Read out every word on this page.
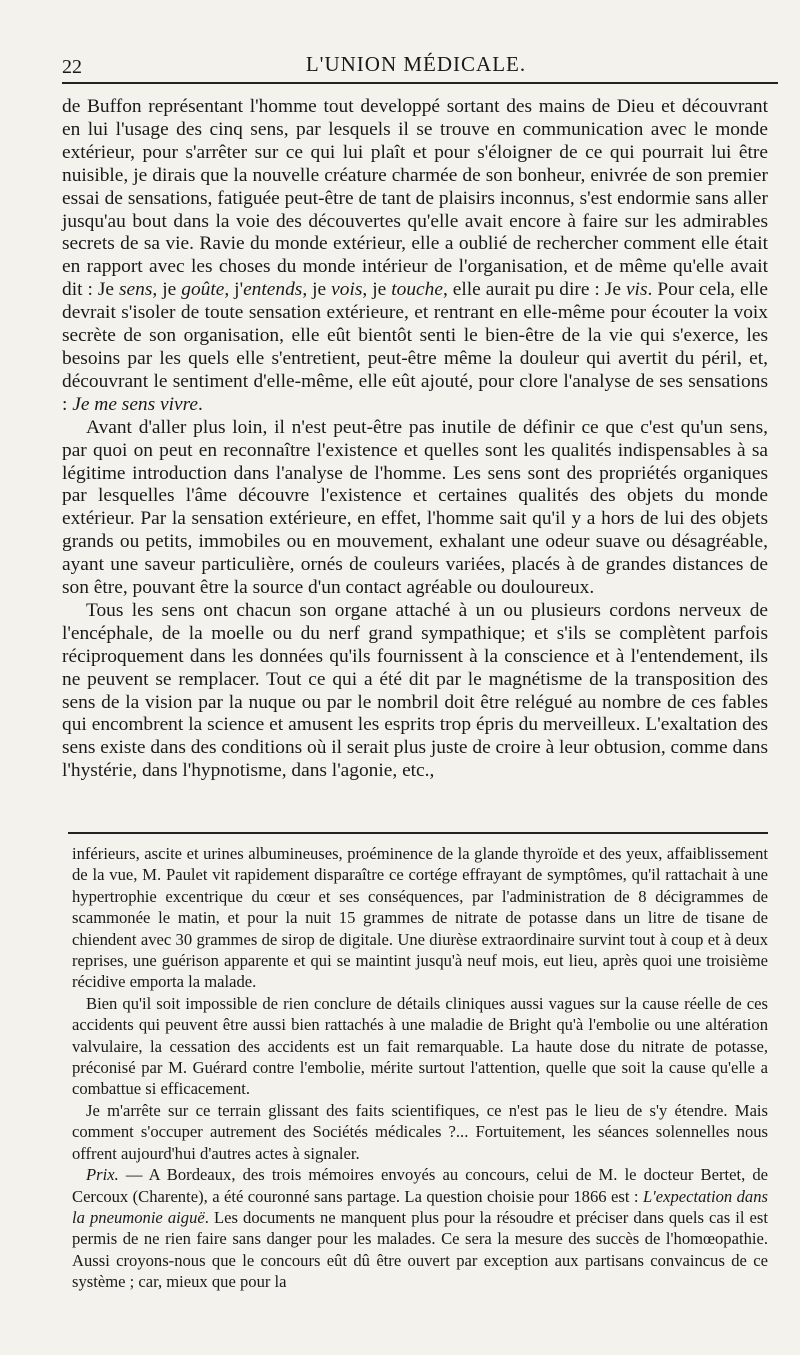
22	L'UNION MÉDICALE.

de Buffon représentant l'homme tout developpé sortant des mains de Dieu et découvrant en lui l'usage des cinq sens, par lesquels il se trouve en communication avec le monde extérieur, pour s'arrêter sur ce qui lui plaît et pour s'éloigner de ce qui pourrait lui être nuisible, je dirais que la nouvelle créature charmée de son bonheur, enivrée de son premier essai de sensations, fatiguée peut-être de tant de plaisirs inconnus, s'est endormie sans aller jusqu'au bout dans la voie des découvertes qu'elle avait encore à faire sur les admirables secrets de sa vie. Ravie du monde extérieur, elle a oublié de rechercher comment elle était en rapport avec les choses du monde intérieur de l'organisation, et de même qu'elle avait dit : Je sens, je goûte, j'entends, je vois, je touche, elle aurait pu dire : Je vis. Pour cela, elle devrait s'isoler de toute sensation extérieure, et rentrant en elle-même pour écouter la voix secrète de son organisation, elle eût bientôt senti le bien-être de la vie qui s'exerce, les besoins par les quels elle s'entretient, peut-être même la douleur qui avertit du péril, et, découvrant le sentiment d'elle-même, elle eût ajouté, pour clore l'analyse de ses sensations : Je me sens vivre.

Avant d'aller plus loin, il n'est peut-être pas inutile de définir ce que c'est qu'un sens, par quoi on peut en reconnaître l'existence et quelles sont les qualités indispensables à sa légitime introduction dans l'analyse de l'homme. Les sens sont des propriétés organiques par lesquelles l'âme découvre l'existence et certaines qualités des objets du monde extérieur. Par la sensation extérieure, en effet, l'homme sait qu'il y a hors de lui des objets grands ou petits, immobiles ou en mouvement, exhalant une odeur suave ou désagréable, ayant une saveur particulière, ornés de couleurs variées, placés à de grandes distances de son être, pouvant être la source d'un contact agréable ou douloureux.

Tous les sens ont chacun son organe attaché à un ou plusieurs cordons nerveux de l'encéphale, de la moelle ou du nerf grand sympathique; et s'ils se complètent parfois réciproquement dans les données qu'ils fournissent à la conscience et à l'entendement, ils ne peuvent se remplacer. Tout ce qui a été dit par le magnétisme de la transposition des sens de la vision par la nuque ou par le nombril doit être relégué au nombre de ces fables qui encombrent la science et amusent les esprits trop épris du merveilleux. L'exaltation des sens existe dans des conditions où il serait plus juste de croire à leur obtusion, comme dans l'hystérie, dans l'hypnotisme, dans l'agonie, etc.,

inférieurs, ascite et urines albumineuses, proéminence de la glande thyroïde et des yeux, affaiblissement de la vue, M. Paulet vit rapidement disparaître ce cortége effrayant de symptômes, qu'il rattachait à une hypertrophie excentrique du cœur et ses conséquences, par l'administration de 8 décigrammes de scammonée le matin, et pour la nuit 15 grammes de nitrate de potasse dans un litre de tisane de chiendent avec 30 grammes de sirop de digitale. Une diurèse extraordinaire survint tout à coup et à deux reprises, une guérison apparente et qui se maintint jusqu'à neuf mois, eut lieu, après quoi une troisième récidive emporta la malade.

Bien qu'il soit impossible de rien conclure de détails cliniques aussi vagues sur la cause réelle de ces accidents qui peuvent être aussi bien rattachés à une maladie de Bright qu'à l'embolie ou une altération valvulaire, la cessation des accidents est un fait remarquable. La haute dose du nitrate de potasse, préconisé par M. Guérard contre l'embolie, mérite surtout l'attention, quelle que soit la cause qu'elle a combattue si efficacement.

Je m'arrête sur ce terrain glissant des faits scientifiques, ce n'est pas le lieu de s'y étendre. Mais comment s'occuper autrement des Sociétés médicales ?... Fortuitement, les séances solennelles nous offrent aujourd'hui d'autres actes à signaler.

Prix. — A Bordeaux, des trois mémoires envoyés au concours, celui de M. le docteur Bertet, de Cercoux (Charente), a été couronné sans partage. La question choisie pour 1866 est : L'expectation dans la pneumonie aiguë. Les documents ne manquent plus pour la résoudre et préciser dans quels cas il est permis de ne rien faire sans danger pour les malades. Ce sera la mesure des succès de l'homœopathie. Aussi croyons-nous que le concours eût dû être ouvert par exception aux partisans convaincus de ce système ; car, mieux que pour la
